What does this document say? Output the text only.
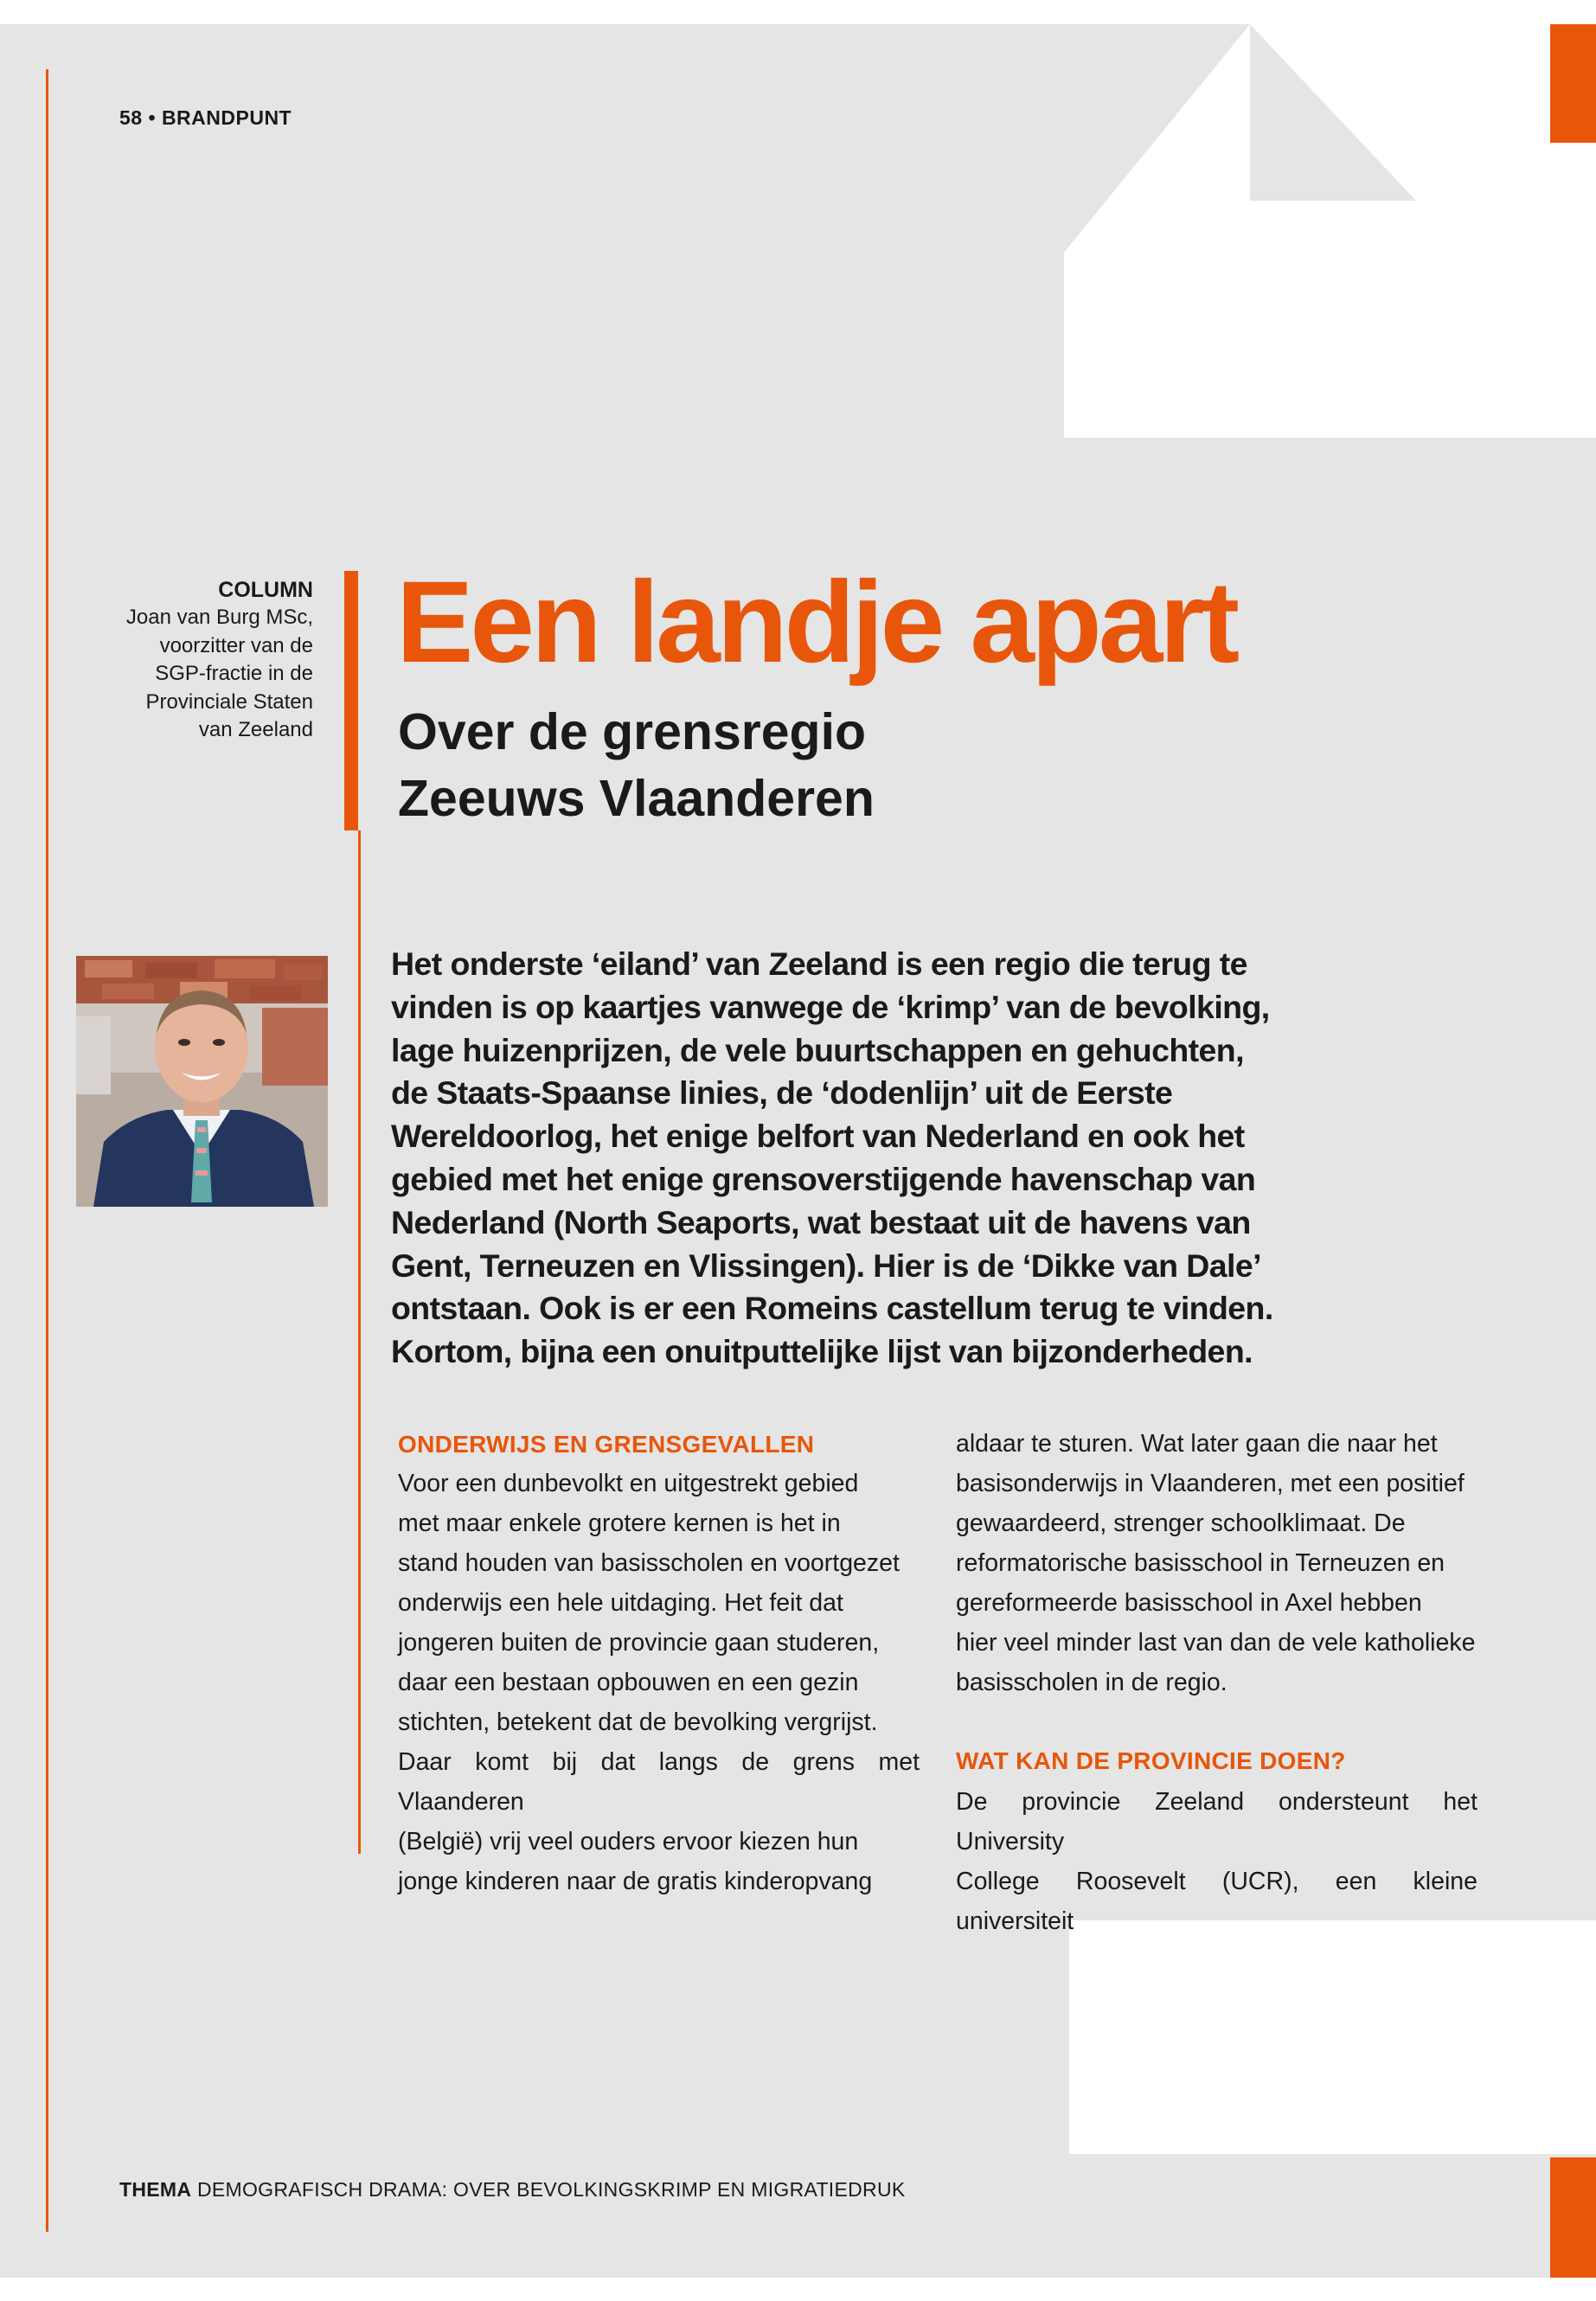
58 • BRANDPUNT
COLUMN
Joan van Burg MSc,
voorzitter van de
SGP-fractie in de
Provinciale Staten
van Zeeland
Een landje apart
Over de grensregio
Zeeuws Vlaanderen
Het onderste ‘eiland’ van Zeeland is een regio die terug te
vinden is op kaartjes vanwege de ‘krimp’ van de bevolking,
lage huizenprijzen, de vele buurtschappen en gehuchten,
de Staats-Spaanse linies, de ‘dodenlijn’ uit de Eerste
Wereldoorlog, het enige belfort van Nederland en ook het
gebied met het enige grensoverstijgende havenschap van
Nederland (North Seaports, wat bestaat uit de havens van
Gent, Terneuzen en Vlissingen). Hier is de ‘Dikke van Dale’
ontstaan. Ook is er een Romeins castellum terug te vinden.
Kortom, bijna een onuitputtelijke lijst van bijzonderheden.
ONDERWIJS EN GRENSGEVALLEN
Voor een dunbevolkt en uitgestrekt gebied
met maar enkele grotere kernen is het in
stand houden van basisscholen en voortgezet
onderwijs een hele uitdaging. Het feit dat
jongeren buiten de provincie gaan studeren,
daar een bestaan opbouwen en een gezin
stichten, betekent dat de bevolking vergrijst.
Daar komt bij dat langs de grens met Vlaanderen
(België) vrij veel ouders ervoor kiezen hun
jonge kinderen naar de gratis kinderopvang
aldaar te sturen. Wat later gaan die naar het
basisonderwijs in Vlaanderen, met een positief
gewaardeerd, strenger schoolklimaat. De
reformatorische basisschool in Terneuzen en
gereformeerde basisschool in Axel hebben
hier veel minder last van dan de vele katholieke
basisscholen in de regio.
WAT KAN DE PROVINCIE DOEN?
De provincie Zeeland ondersteunt het University
College Roosevelt (UCR), een kleine universiteit
THEMA DEMOGRAFISCH DRAMA: OVER BEVOLKINGSKRIMP EN MIGRATIEDRUK
